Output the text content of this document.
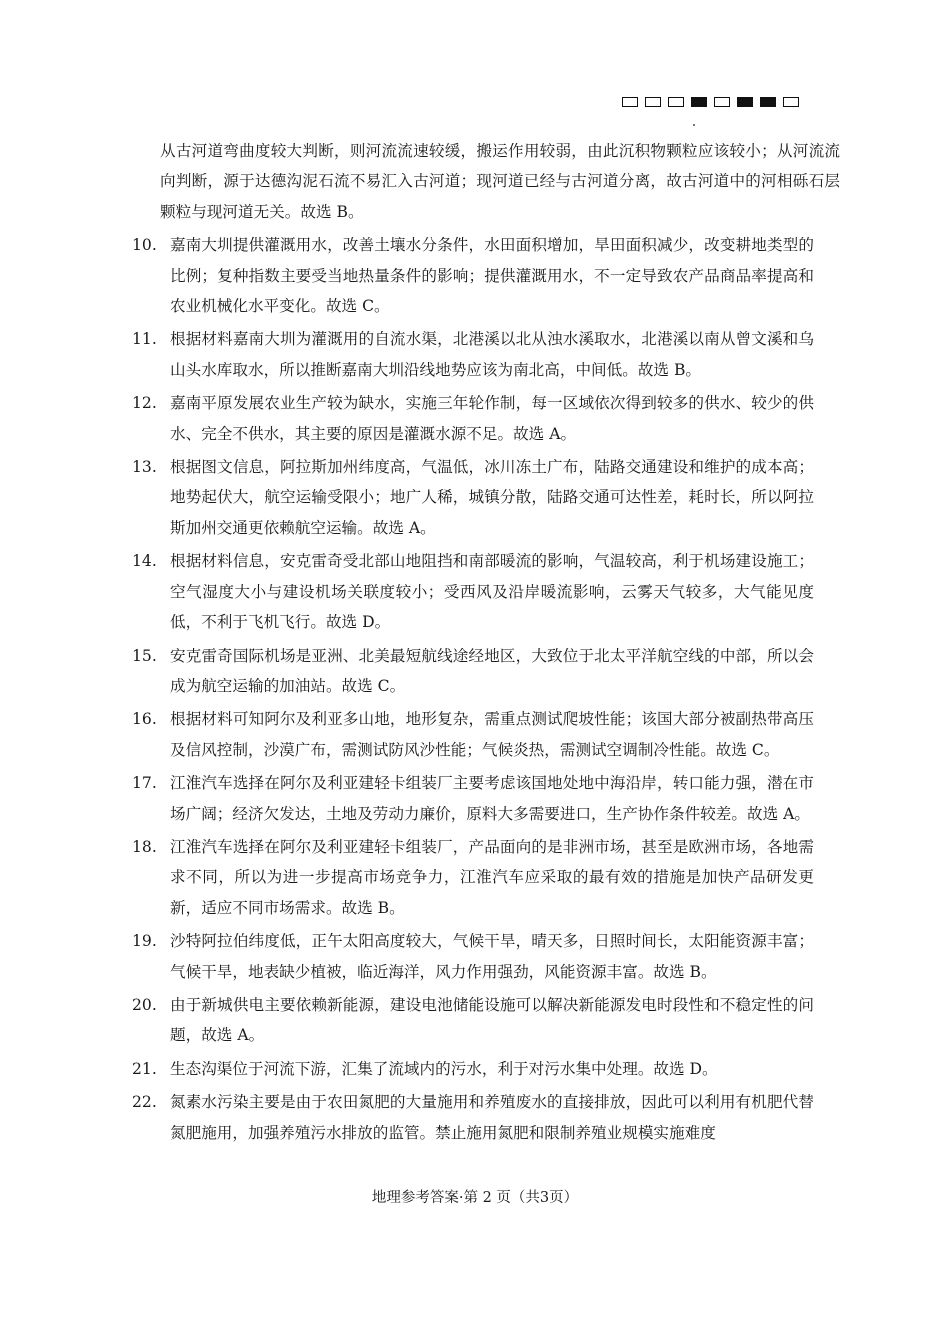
从古河道弯曲度较大判断，则河流流速较缓，搬运作用较弱，由此沉积物颗粒应该较小；从河流流向判断，源于达德沟泥石流不易汇入古河道；现河道已经与古河道分离，故古河道中的河相砾石层颗粒与现河道无关。故选 B。
10. 嘉南大圳提供灌溉用水，改善土壤水分条件，水田面积增加，旱田面积减少，改变耕地类型的比例；复种指数主要受当地热量条件的影响；提供灌溉用水，不一定导致农产品商品率提高和农业机械化水平变化。故选 C。
11. 根据材料嘉南大圳为灌溉用的自流水渠，北港溪以北从浊水溪取水，北港溪以南从曾文溪和乌山头水库取水，所以推断嘉南大圳沿线地势应该为南北高，中间低。故选 B。
12. 嘉南平原发展农业生产较为缺水，实施三年轮作制，每一区域依次得到较多的供水、较少的供水、完全不供水，其主要的原因是灌溉水源不足。故选 A。
13. 根据图文信息，阿拉斯加州纬度高，气温低，冰川冻土广布，陆路交通建设和维护的成本高；地势起伏大，航空运输受限小；地广人稀，城镇分散，陆路交通可达性差，耗时长，所以阿拉斯加州交通更依赖航空运输。故选 A。
14. 根据材料信息，安克雷奇受北部山地阻挡和南部暖流的影响，气温较高，利于机场建设施工；空气湿度大小与建设机场关联度较小；受西风及沿岸暖流影响，云雾天气较多，大气能见度低，不利于飞机飞行。故选 D。
15. 安克雷奇国际机场是亚洲、北美最短航线途经地区，大致位于北太平洋航空线的中部，所以会成为航空运输的加油站。故选 C。
16. 根据材料可知阿尔及利亚多山地，地形复杂，需重点测试爬坡性能；该国大部分被副热带高压及信风控制，沙漠广布，需测试防风沙性能；气候炎热，需测试空调制冷性能。故选 C。
17. 江淮汽车选择在阿尔及利亚建轻卡组装厂主要考虑该国地处地中海沿岸，转口能力强，潜在市场广阔；经济欠发达，土地及劳动力廉价，原料大多需要进口，生产协作条件较差。故选 A。
18. 江淮汽车选择在阿尔及利亚建轻卡组装厂，产品面向的是非洲市场，甚至是欧洲市场，各地需求不同，所以为进一步提高市场竞争力，江淮汽车应采取的最有效的措施是加快产品研发更新，适应不同市场需求。故选 B。
19. 沙特阿拉伯纬度低，正午太阳高度较大，气候干旱，晴天多，日照时间长，太阳能资源丰富；气候干旱，地表缺少植被，临近海洋，风力作用强劲，风能资源丰富。故选 B。
20. 由于新城供电主要依赖新能源，建设电池储能设施可以解决新能源发电时段性和不稳定性的问题，故选 A。
21. 生态沟渠位于河流下游，汇集了流域内的污水，利于对污水集中处理。故选 D。
22. 氮素水污染主要是由于农田氮肥的大量施用和养殖废水的直接排放，因此可以利用有机肥代替氮肥施用，加强养殖污水排放的监管。禁止施用氮肥和限制养殖业规模实施难度
地理参考答案·第 2 页（共3页）
